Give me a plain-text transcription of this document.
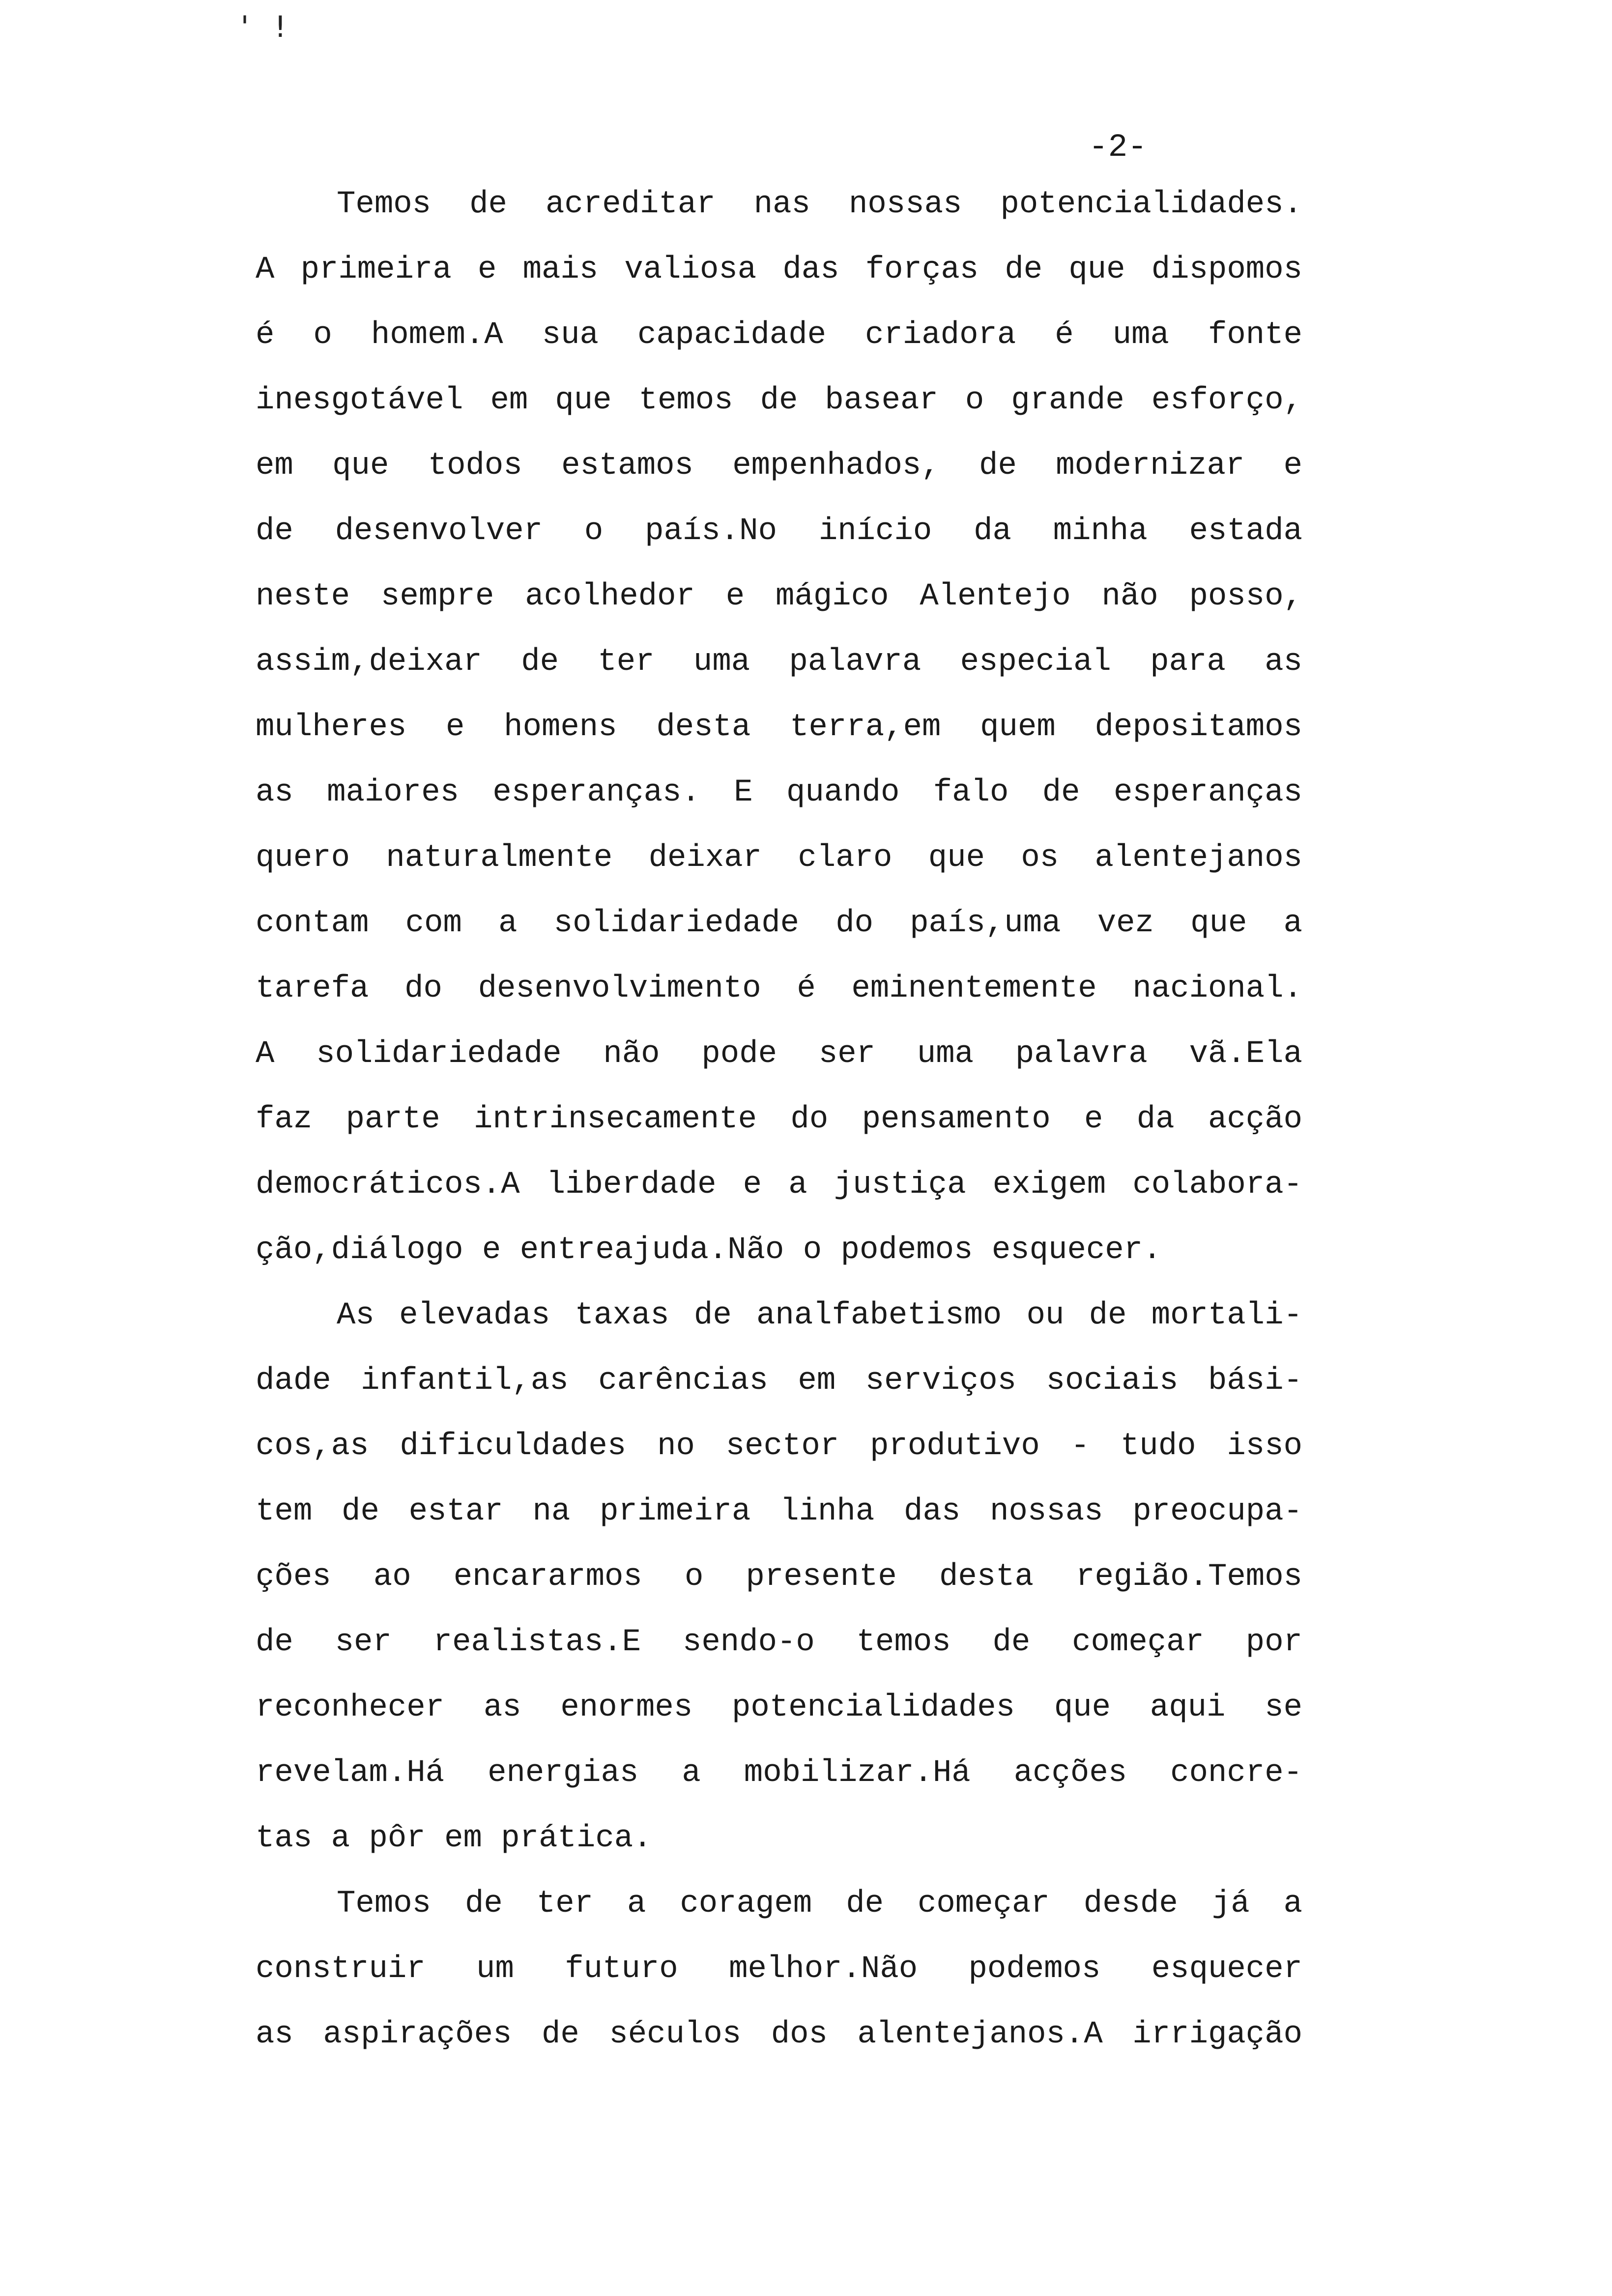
' !
-2-
Temos de acreditar nas nossas potencialidades.
A primeira e mais valiosa das forças de que dispomos
é o homem.A sua capacidade criadora é uma fonte
inesgotável em que temos de basear o grande esforço,
em que todos estamos empenhados, de modernizar e
de desenvolver o país.No início da minha estada
neste sempre acolhedor e mágico Alentejo não posso,
assim,deixar de ter uma palavra especial para as
mulheres e homens desta terra,em quem depositamos
as maiores esperanças. E quando falo de esperanças
quero naturalmente deixar claro que os alentejanos
contam com a solidariedade do país,uma vez que a
tarefa do desenvolvimento é eminentemente nacional.
A solidariedade não pode ser uma palavra vã.Ela
faz parte intrinsecamente do pensamento e da acção
democráticos.A liberdade e a justiça exigem colabora-
ção,diálogo e entreajuda.Não o podemos esquecer.
As elevadas taxas de analfabetismo ou de mortali-
dade infantil,as carências em serviços sociais bási-
cos,as dificuldades no sector produtivo - tudo isso
tem de estar na primeira linha das nossas preocupa-
ções ao encararmos o presente desta região.Temos
de ser realistas.E sendo-o temos de começar por
reconhecer as enormes potencialidades que aqui se
revelam.Há energias a mobilizar.Há acções concre-
tas a pôr em prática.
Temos de ter a coragem de começar desde já a
construir um futuro melhor.Não podemos esquecer
as aspirações de séculos dos alentejanos.A irrigação
